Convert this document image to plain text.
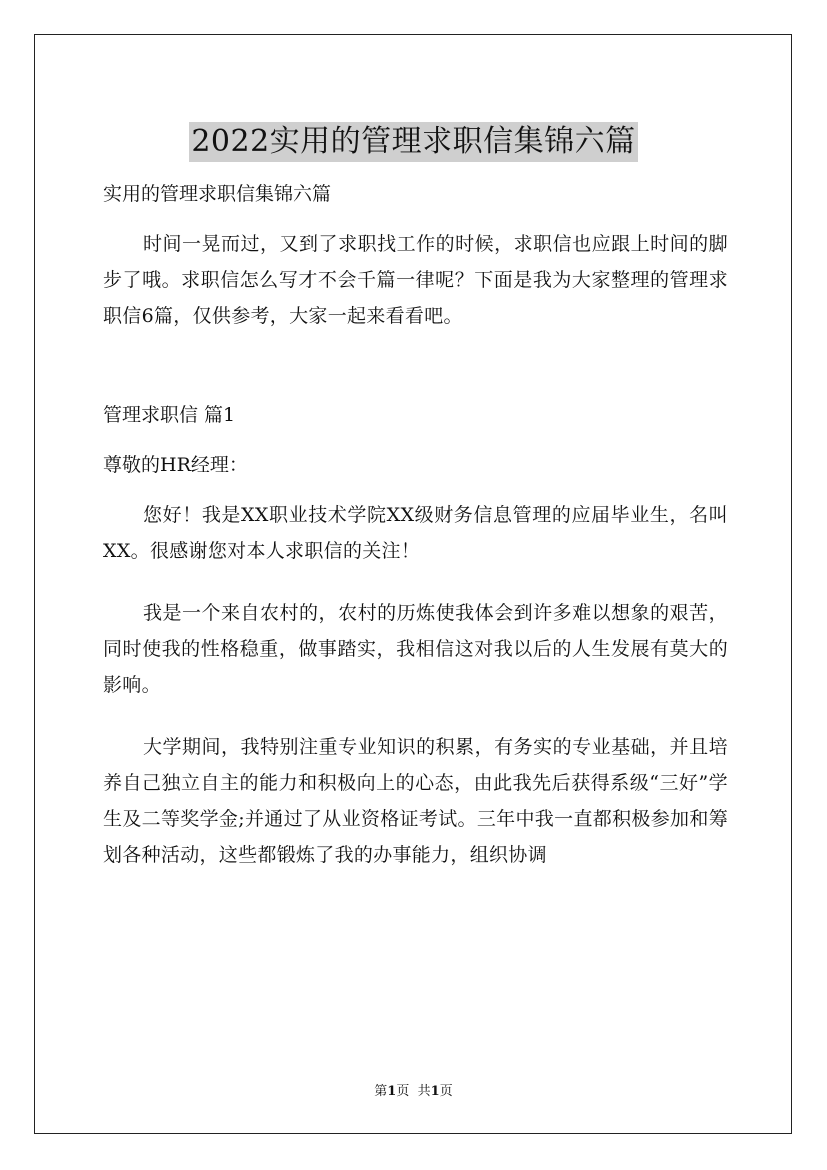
2022实用的管理求职信集锦六篇

实用的管理求职信集锦六篇

时间一晃而过，又到了求职找工作的时候，求职信也应跟上时间的脚步了哦。求职信怎么写才不会千篇一律呢？下面是我为大家整理的管理求职信6篇，仅供参考，大家一起来看看吧。

管理求职信 篇1

尊敬的HR经理：

您好！我是XX职业技术学院XX级财务信息管理的应届毕业生，名叫XX。很感谢您对本人求职信的关注！

我是一个来自农村的，农村的历炼使我体会到许多难以想象的艰苦，同时使我的性格稳重，做事踏实，我相信这对我以后的人生发展有莫大的影响。

大学期间，我特别注重专业知识的积累，有务实的专业基础，并且培养自己独立自主的能力和积极向上的心态，由此我先后获得系级“三好”学生及二等奖学金;并通过了从业资格证考试。三年中我一直都积极参加和筹划各种活动，这些都锻炼了我的办事能力，组织协调

第1页 共1页
